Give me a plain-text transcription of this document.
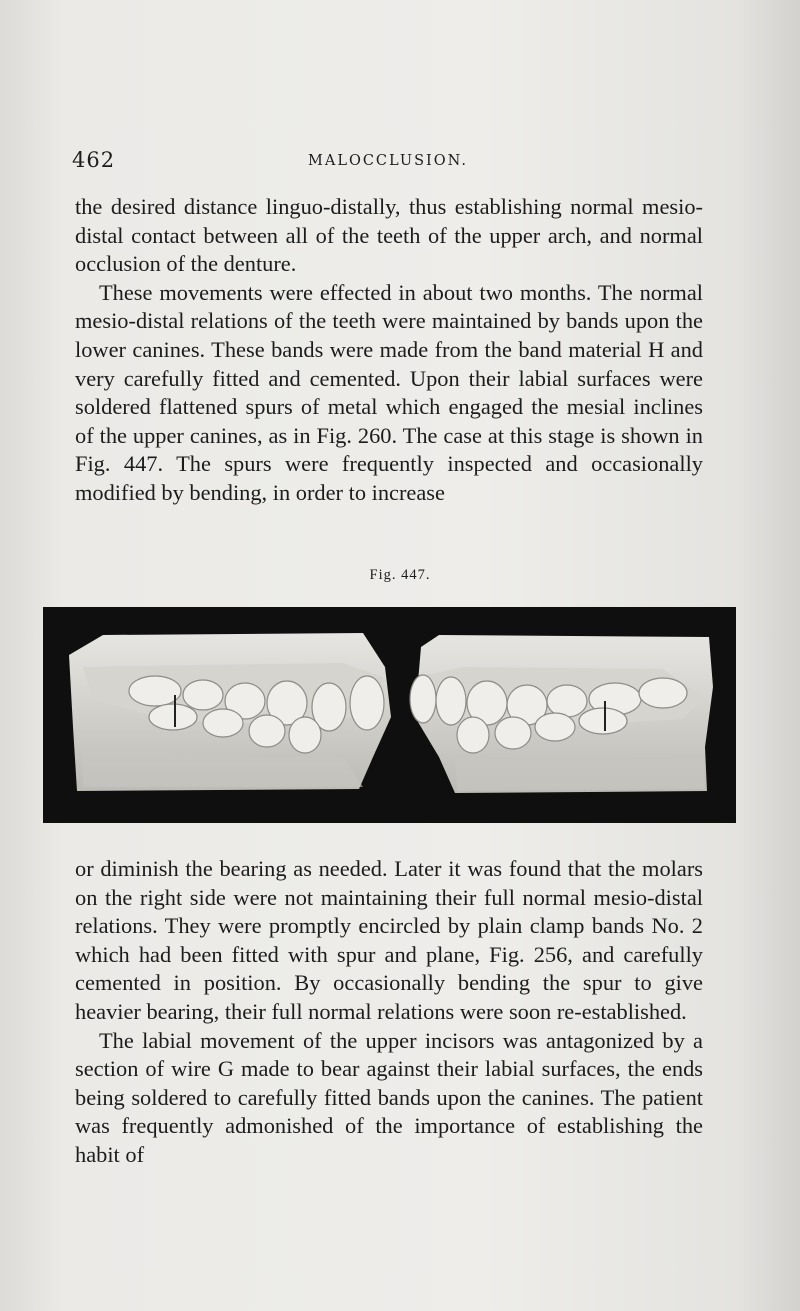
462	MALOCCLUSION.

the desired distance linguo-distally, thus establishing normal mesio-distal contact between all of the teeth of the upper arch, and normal occlusion of the denture.

These movements were effected in about two months. The normal mesio-distal relations of the teeth were maintained by bands upon the lower canines. These bands were made from the band material H and very carefully fitted and cemented. Upon their labial surfaces were soldered flattened spurs of metal which engaged the mesial inclines of the upper canines, as in Fig. 260. The case at this stage is shown in Fig. 447. The spurs were frequently inspected and occasionally modified by bending, in order to increase

Fig. 447.

or diminish the bearing as needed. Later it was found that the molars on the right side were not maintaining their full normal mesio-distal relations. They were promptly encircled by plain clamp bands No. 2 which had been fitted with spur and plane, Fig. 256, and carefully cemented in position. By occasionally bending the spur to give heavier bearing, their full normal relations were soon re-established.

The labial movement of the upper incisors was antagonized by a section of wire G made to bear against their labial surfaces, the ends being soldered to carefully fitted bands upon the canines. The patient was frequently admonished of the importance of establishing the habit of
